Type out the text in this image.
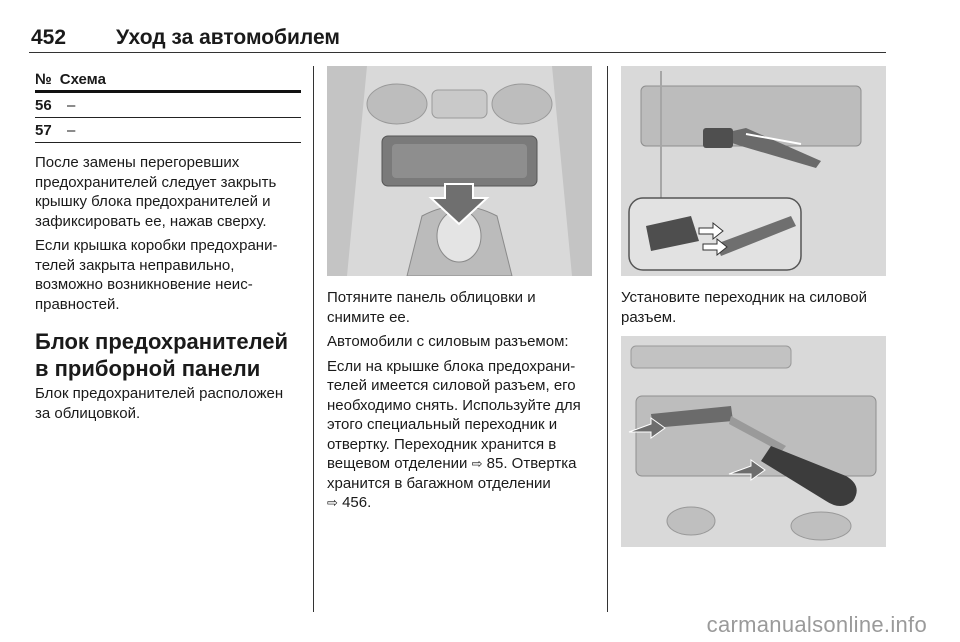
452 Уход за автомобилем
№ Схема
56	–
57	–

После замены перегоревших предохранителей следует закрыть крышку блока предохранителей и зафиксировать ее, нажав сверху.

Если крышка коробки предохранителей закрыта неправильно, возможно возникновение неисправностей.

Блок предохранителей в приборной панели

Блок предохранителей расположен за облицовкой.

Потяните панель облицовки и снимите ее.

Автомобили с силовым разъемом:

Если на крышке блока предохранителей имеется силовой разъем, его необходимо снять. Используйте для этого специальный переходник и отвертку. Переходник хранится в вещевом отделении ⇨ 85. Отвертка хранится в багажном отделении ⇨ 456.

Установите переходник на силовой разъем.

carmanualsonline.info
